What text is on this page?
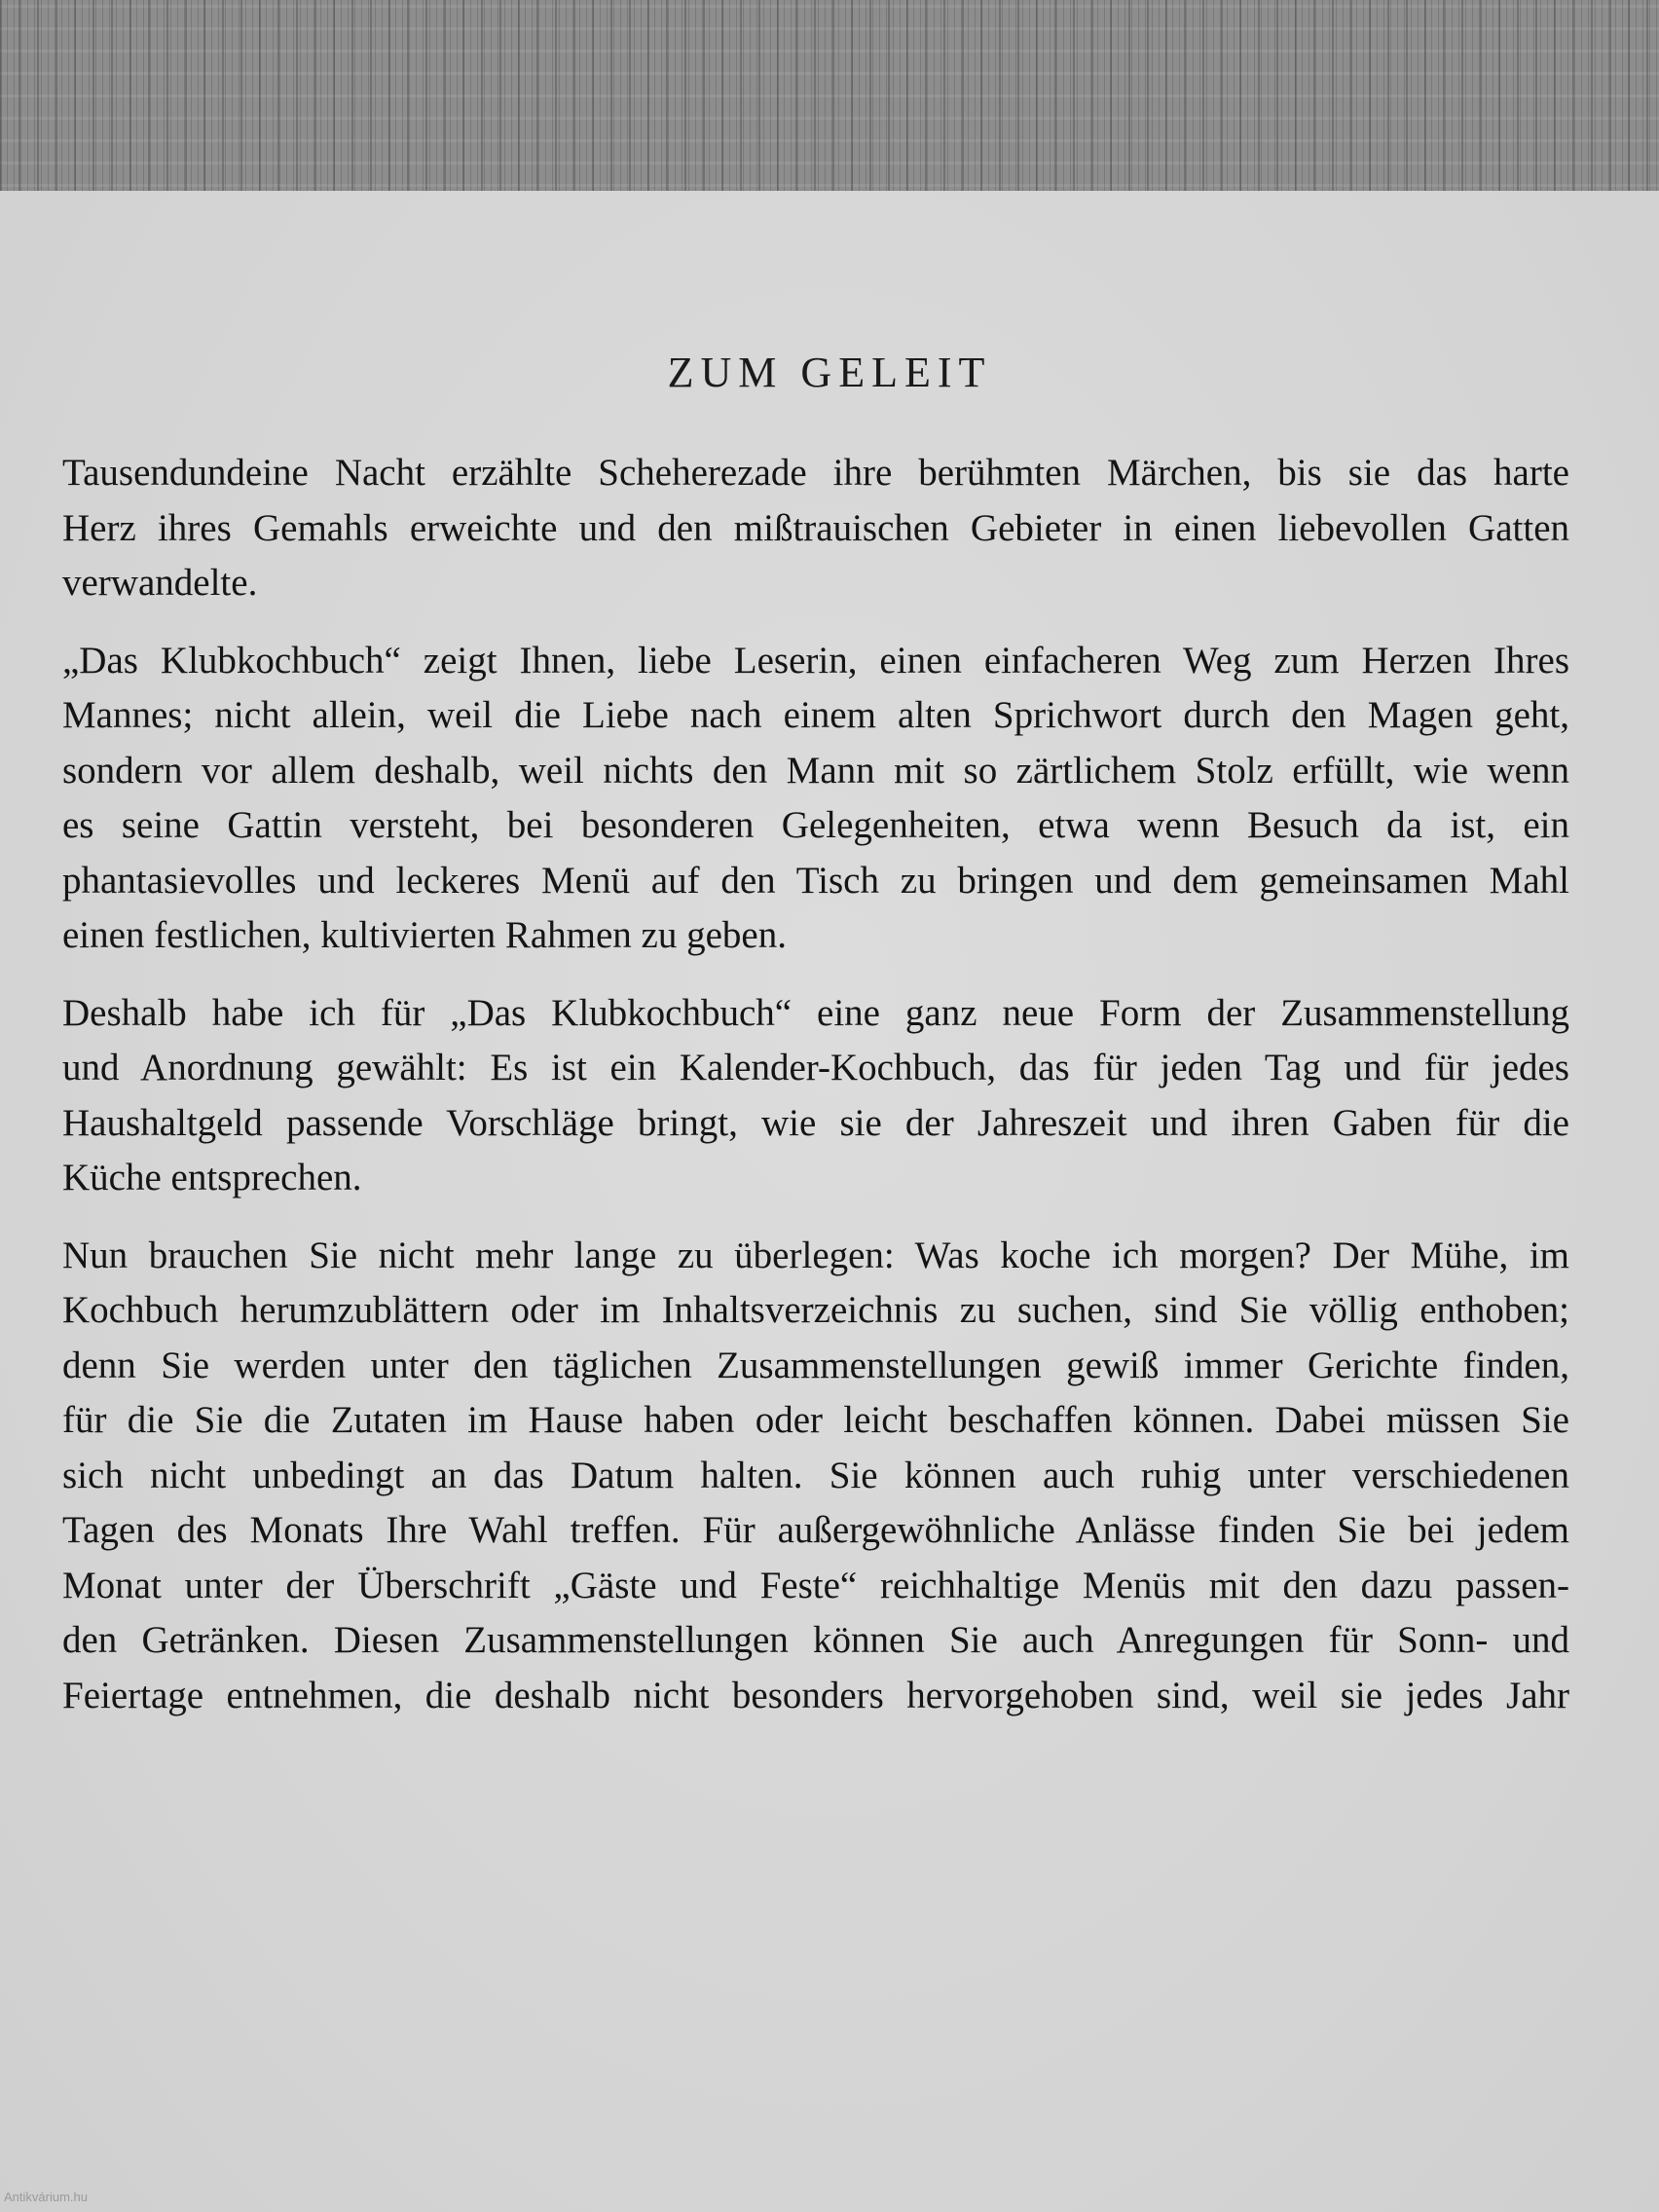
ZUM GELEIT
Tausendundeine Nacht erzählte Scheherezade ihre berühmten Märchen, bis sie das harte
Herz ihres Gemahls erweichte und den mißtrauischen Gebieter in einen liebevollen Gatten
verwandelte.
„Das Klubkochbuch“ zeigt Ihnen, liebe Leserin, einen einfacheren Weg zum Herzen Ihres
Mannes; nicht allein, weil die Liebe nach einem alten Sprichwort durch den Magen geht,
sondern vor allem deshalb, weil nichts den Mann mit so zärtlichem Stolz erfüllt, wie wenn
es seine Gattin versteht, bei besonderen Gelegenheiten, etwa wenn Besuch da ist, ein
phantasievolles und leckeres Menü auf den Tisch zu bringen und dem gemeinsamen Mahl
einen festlichen, kultivierten Rahmen zu geben.
Deshalb habe ich für „Das Klubkochbuch“ eine ganz neue Form der Zusammenstellung
und Anordnung gewählt: Es ist ein Kalender-Kochbuch, das für jeden Tag und für jedes
Haushaltgeld passende Vorschläge bringt, wie sie der Jahreszeit und ihren Gaben für die
Küche entsprechen.
Nun brauchen Sie nicht mehr lange zu überlegen: Was koche ich morgen? Der Mühe, im
Kochbuch herumzublättern oder im Inhaltsverzeichnis zu suchen, sind Sie völlig enthoben;
denn Sie werden unter den täglichen Zusammenstellungen gewiß immer Gerichte finden,
für die Sie die Zutaten im Hause haben oder leicht beschaffen können. Dabei müssen Sie
sich nicht unbedingt an das Datum halten. Sie können auch ruhig unter verschiedenen
Tagen des Monats Ihre Wahl treffen. Für außergewöhnliche Anlässe finden Sie bei jedem
Monat unter der Überschrift „Gäste und Feste“ reichhaltige Menüs mit den dazu passen-
den Getränken. Diesen Zusammenstellungen können Sie auch Anregungen für Sonn- und
Feiertage entnehmen, die deshalb nicht besonders hervorgehoben sind, weil sie jedes Jahr
Antikvárium.hu
